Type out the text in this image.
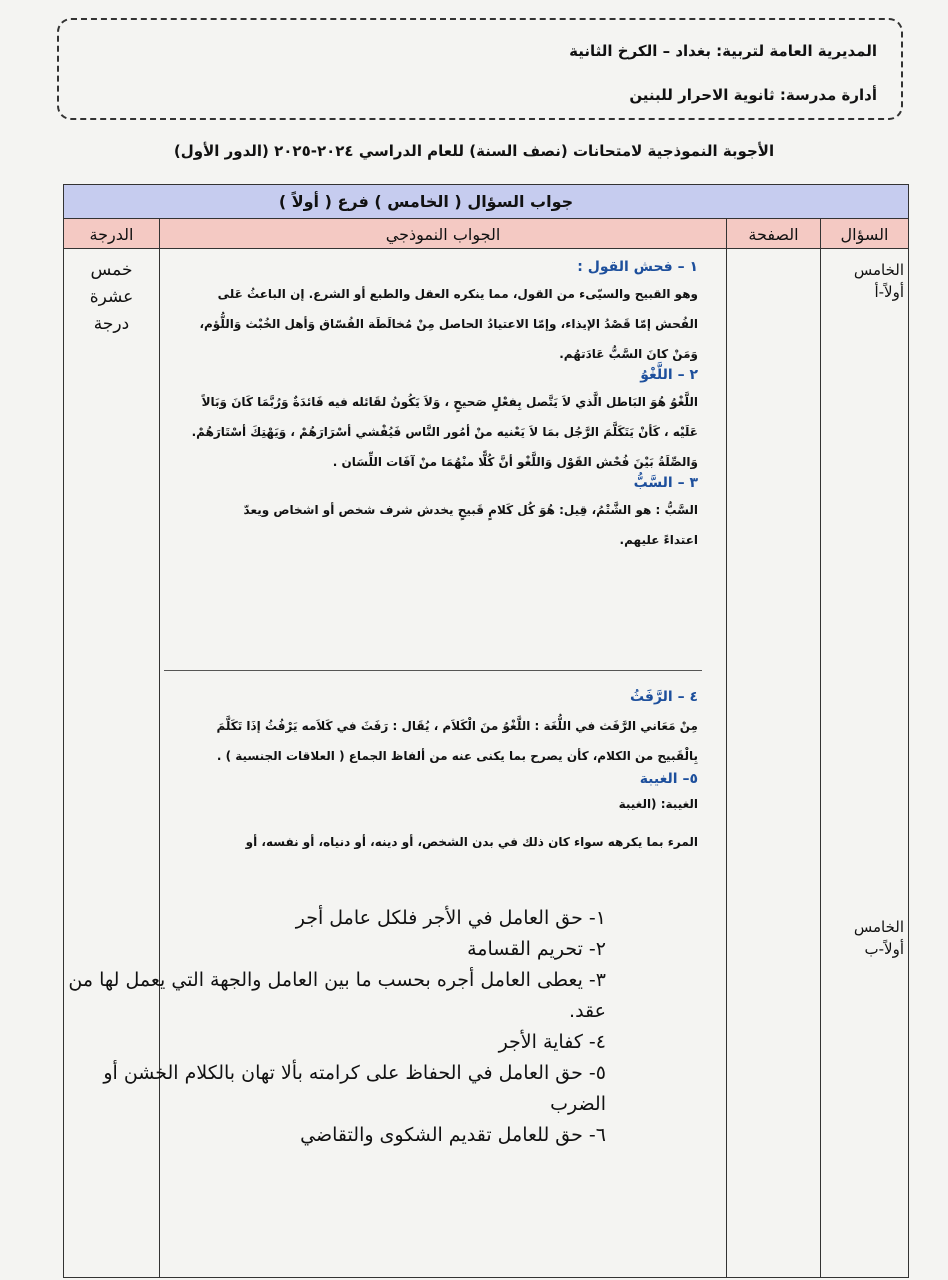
المديرية العامة لتربية: بغداد – الكرخ الثانية
أدارة مدرسة: ثانوية الاحرار للبنين
الأجوبة النموذجية لامتحانات (نصف السنة) للعام الدراسي ٢٠٢٤-٢٠٢٥ (الدور الأول)
جواب السؤال ( الخامس ) فرع ( أولاً )
السؤال
الصفحة
الجواب النموذجي
الدرجة
الخامس
أولاً-أ
الخامس
أولاً-ب
خمس
عشرة
درجة
١ – فحش القول :

وهو القبيح والسيّىء من القول، مما ينكره العقل والطبع أو الشرع. إن الباعثُ عَلى

الفُحش إمّا قَصْدُ الإيذاء، وإمّا الاعتيادُ الحاصل مِنْ مُخالَطَة الفُسّاق وَأهل الخُبْث وَاللُّؤم،

وَمَنْ كانَ السَّبُّ عَادَتهُم.

٢ – اللَّغْوُ

اللَّغْوُ هُوَ البَاطل الَّذي لاَ يَتَّصل بِفعْلٍ صَحيحٍ ، وَلاَ يَكُونُ لقَائله فيه فَائدَةٌ وَرُبَّمَا كَانَ وَبَالاً

عَلَيْه ، كَأنْ يَتَكَلَّمَ الرَّجُل بمَا لاَ يَعْنيه منْ أمُور النَّاس فَيُفْشي أسْرَارَهُمْ ، وَيَهْتِكَ أسْتَارَهُمْ.

وَالصِّلَةُ بَيْنَ فُحْش القَوْل وَاللَّغْو أنَّ كُلًّا منْهُمَا منْ آفَات اللِّسَان .

٣ – السَّبُّ

السَّبُّ : هو الشَّتْمُ، قِيل: هُوَ كُل كَلامٍ قَبيحٍ يخدش شرف شخص أو اشخاص ويعدّ

اعتداءً عليهم.

٤ – الرَّفَثُ

مِنْ مَعَاني الرَّفَث في اللُّغَة : اللَّغْوُ منَ الْكَلاَم ، يُقَال : رَفَثَ في كَلاَمه يَرْفُثُ إذَا تَكَلَّمَ

بِالْقَبيح من الكلام، كأن يصرح بما يكنى عنه من ألفاظ الجماع ( العلاقات الجنسية ) .

٥– الغيبة

الغيبة: (الغيبة

المرء بما يكرهه سواء كان ذلك في بدن الشخص، أو دينه، أو دنياه، أو نفسه، أو

١- حق العامل في الأجر فلكل عامل أجر
٢- تحريم القسامة
٣- يعطى العامل أجره بحسب ما بين العامل والجهة التي يعمل لها من عقد.
٤- كفاية الأجر
٥- حق العامل في الحفاظ على كرامته بألا تهان بالكلام الخشن أو الضرب
٦- حق للعامل تقديم الشكوى والتقاضي
